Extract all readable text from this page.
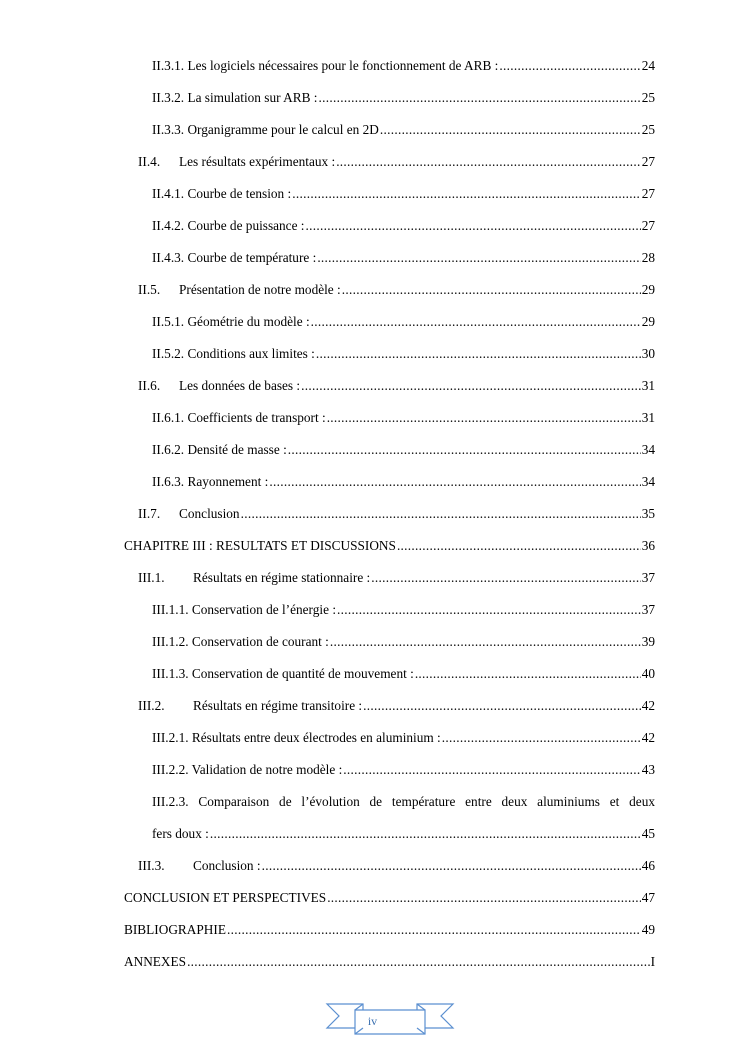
II.3.1. Les logiciels nécessaires pour le fonctionnement de ARB : .....	24
II.3.2. La simulation sur ARB : .....	25
II.3.3. Organigramme pour le calcul en 2D .....	25
II.4.	Les résultats expérimentaux : .....	27
II.4.1. Courbe de tension : .....	27
II.4.2. Courbe de puissance : .....	27
II.4.3. Courbe de température : .....	28
II.5.	Présentation de notre modèle : .....	29
II.5.1. Géométrie du modèle : .....	29
II.5.2. Conditions aux limites : .....	30
II.6.	Les données de bases : .....	31
II.6.1. Coefficients de transport : .....	31
II.6.2. Densité de masse : .....	34
II.6.3. Rayonnement : .....	34
II.7.	Conclusion .....	35
CHAPITRE III : RESULTATS ET DISCUSSIONS .....	36
III.1.	Résultats en régime stationnaire : .....	37
III.1.1. Conservation de l’énergie : .....	37
III.1.2. Conservation de courant : .....	39
III.1.3. Conservation de quantité de mouvement : .....	40
III.2.	Résultats en régime transitoire : .....	42
III.2.1. Résultats entre deux électrodes en aluminium : .....	42
III.2.2. Validation de notre modèle : .....	43
III.2.3. Comparaison de l’évolution de température entre deux aluminiums et deux
fers doux : .....	45
III.3.	Conclusion : .....	46
CONCLUSION ET PERSPECTIVES .....	47
BIBLIOGRAPHIE .....	49
ANNEXES .....	I
iv
